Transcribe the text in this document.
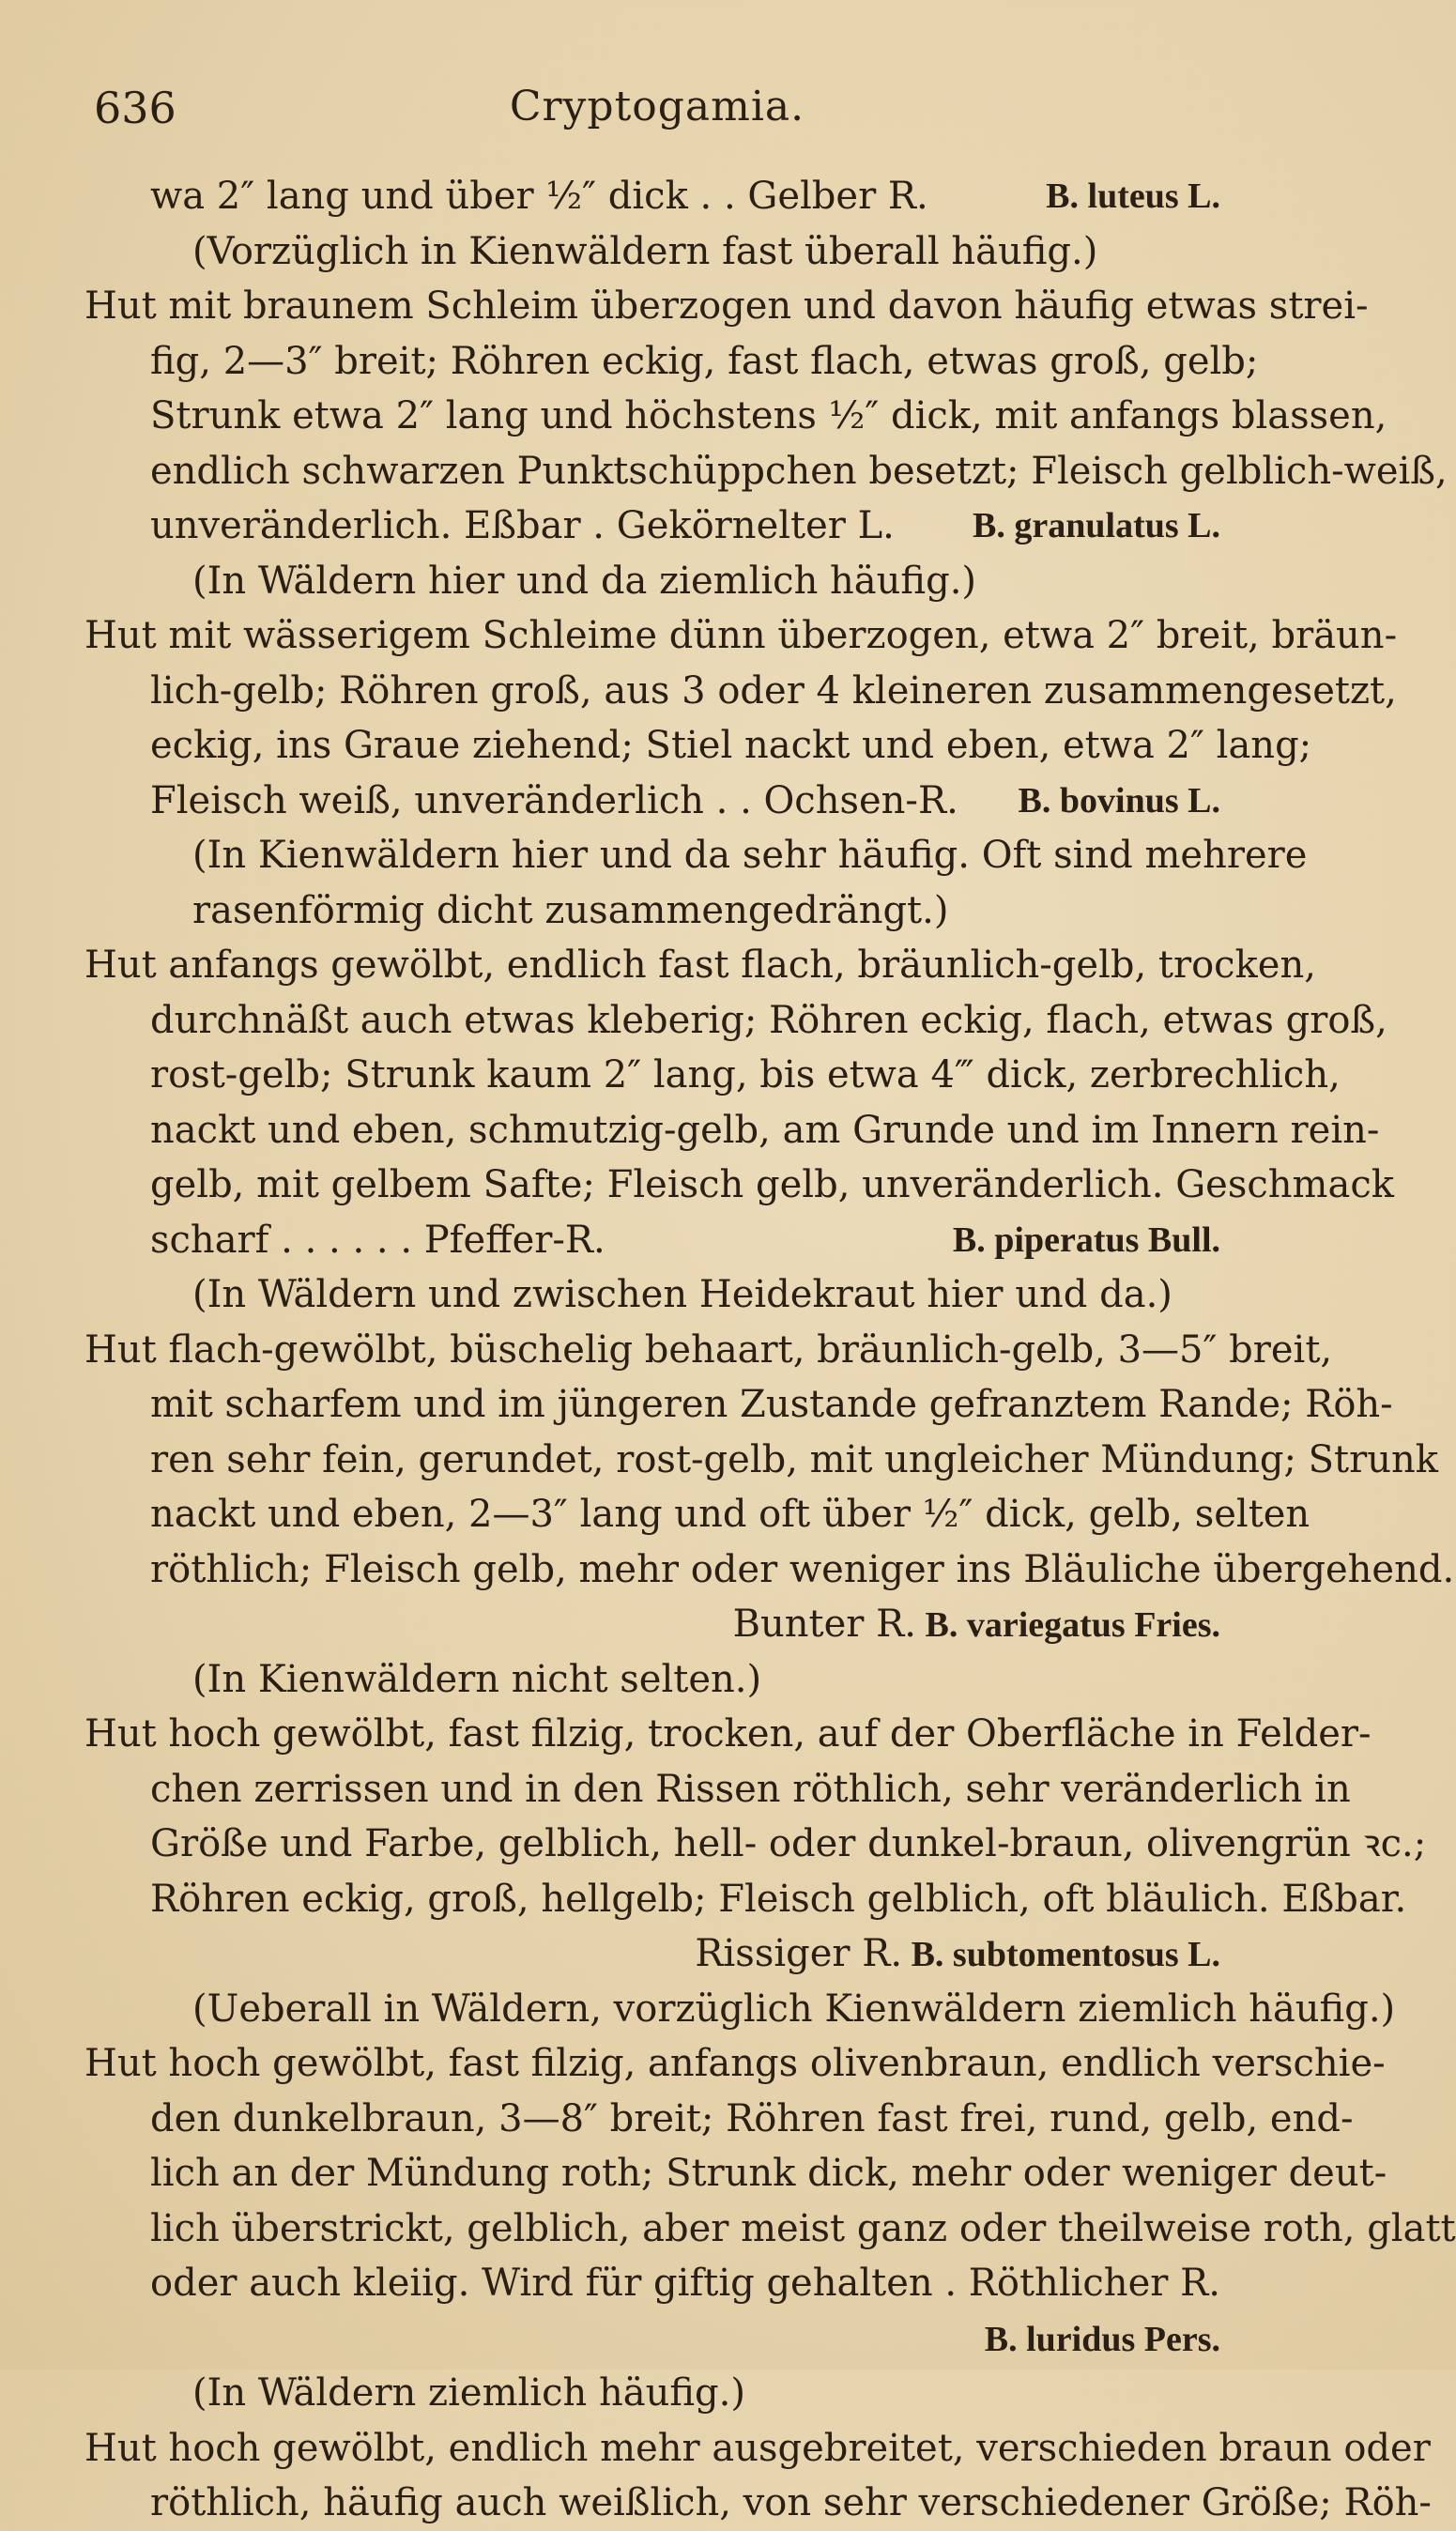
636	Cryptogamia.
wa 2″ lang und über ½″ dick . . Gelber R.	B. luteus L.
(Vorzüglich in Kienwäldern fast überall häufig.)
Hut mit braunem Schleim überzogen und davon häufig etwas strei-
fig, 2—3″ breit; Röhren eckig, fast flach, etwas groß, gelb;
Strunk etwa 2″ lang und höchstens ½″ dick, mit anfangs blassen,
endlich schwarzen Punktschüppchen besetzt; Fleisch gelblich-weiß,
unveränderlich. Eßbar . Gekörnelter L. B. granulatus L.
(In Wäldern hier und da ziemlich häufig.)
Hut mit wässerigem Schleime dünn überzogen, etwa 2″ breit, bräun-
lich-gelb; Röhren groß, aus 3 oder 4 kleineren zusammengesetzt,
eckig, ins Graue ziehend; Stiel nackt und eben, etwa 2″ lang;
Fleisch weiß, unveränderlich . . Ochsen-R. B. bovinus L.
(In Kienwäldern hier und da sehr häufig. Oft sind mehrere
rasenförmig dicht zusammengedrängt.)
Hut anfangs gewölbt, endlich fast flach, bräunlich-gelb, trocken,
durchnäßt auch etwas kleberig; Röhren eckig, flach, etwas groß,
rost-gelb; Strunk kaum 2″ lang, bis etwa 4‴ dick, zerbrechlich,
nackt und eben, schmutzig-gelb, am Grunde und im Innern rein-
gelb, mit gelbem Safte; Fleisch gelb, unveränderlich. Geschmack
scharf . . . . . . Pfeffer-R.	B. piperatus Bull.
(In Wäldern und zwischen Heidekraut hier und da.)
Hut flach-gewölbt, büschelig behaart, bräunlich-gelb, 3—5″ breit,
mit scharfem und im jüngeren Zustande gefranztem Rande; Röh-
ren sehr fein, gerundet, rost-gelb, mit ungleicher Mündung; Strunk
nackt und eben, 2—3″ lang und oft über ½″ dick, gelb, selten
röthlich; Fleisch gelb, mehr oder weniger ins Bläuliche übergehend.
Bunter R. B. variegatus Fries.
(In Kienwäldern nicht selten.)
Hut hoch gewölbt, fast filzig, trocken, auf der Oberfläche in Felder-
chen zerrissen und in den Rissen röthlich, sehr veränderlich in
Größe und Farbe, gelblich, hell- oder dunkel-braun, olivengrün ꝛc.;
Röhren eckig, groß, hellgelb; Fleisch gelblich, oft bläulich. Eßbar.
Rissiger R. B. subtomentosus L.
(Ueberall in Wäldern, vorzüglich Kienwäldern ziemlich häufig.)
Hut hoch gewölbt, fast filzig, anfangs olivenbraun, endlich verschie-
den dunkelbraun, 3—8″ breit; Röhren fast frei, rund, gelb, end-
lich an der Mündung roth; Strunk dick, mehr oder weniger deut-
lich überstrickt, gelblich, aber meist ganz oder theilweise roth, glatt
oder auch kleiig. Wird für giftig gehalten . Röthlicher R.
B. luridus Pers.
(In Wäldern ziemlich häufig.)
Hut hoch gewölbt, endlich mehr ausgebreitet, verschieden braun oder
röthlich, häufig auch weißlich, von sehr verschiedener Größe; Röh-
